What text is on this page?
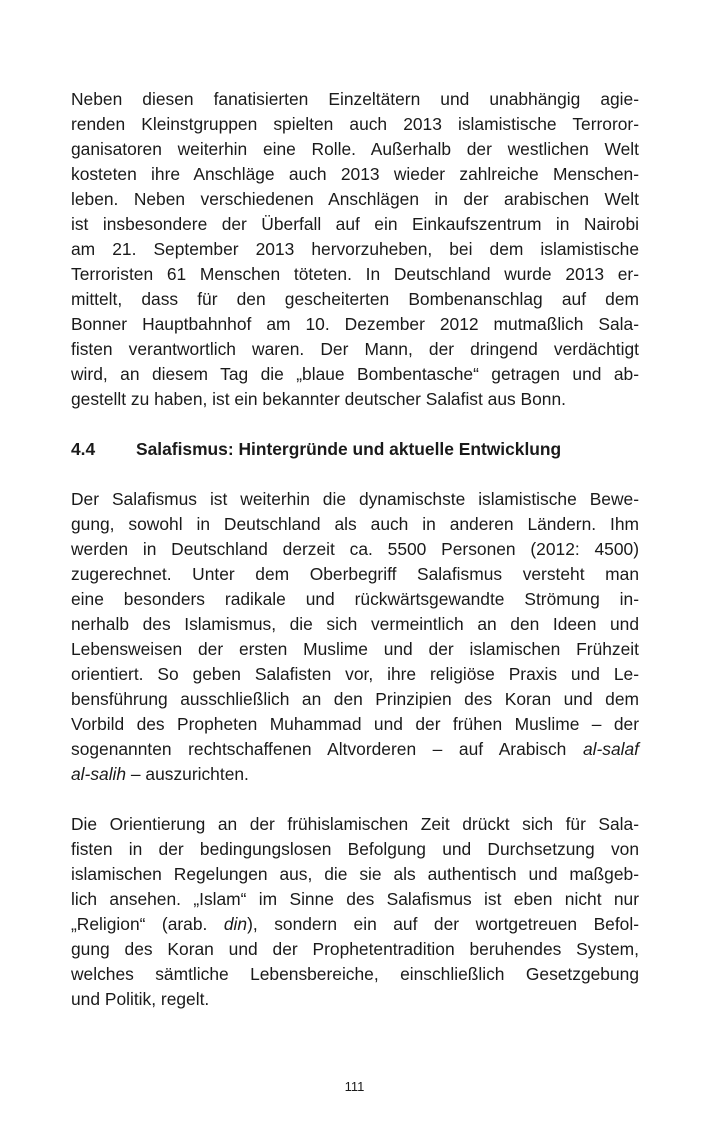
Neben diesen fanatisierten Einzeltätern und unabhängig agie-
renden Kleinstgruppen spielten auch 2013 islamistische Terroror-
ganisatoren weiterhin eine Rolle. Außerhalb der westlichen Welt
kosteten ihre Anschläge auch 2013 wieder zahlreiche Menschen-
leben. Neben verschiedenen Anschlägen in der arabischen Welt
ist insbesondere der Überfall auf ein Einkaufszentrum in Nairobi
am 21. September 2013 hervorzuheben, bei dem islamistische
Terroristen 61 Menschen töteten. In Deutschland wurde 2013 er-
mittelt, dass für den gescheiterten Bombenanschlag auf dem
Bonner Hauptbahnhof am 10. Dezember 2012 mutmaßlich Sala-
fisten verantwortlich waren. Der Mann, der dringend verdächtigt
wird, an diesem Tag die „blaue Bombentasche“ getragen und ab-
gestellt zu haben, ist ein bekannter deutscher Salafist aus Bonn.
4.4	Salafismus: Hintergründe und aktuelle Entwicklung
Der Salafismus ist weiterhin die dynamischste islamistische Bewe-
gung, sowohl in Deutschland als auch in anderen Ländern. Ihm
werden in Deutschland derzeit ca. 5500 Personen (2012: 4500)
zugerechnet. Unter dem Oberbegriff Salafismus versteht man
eine besonders radikale und rückwärtsgewandte Strömung in-
nerhalb des Islamismus, die sich vermeintlich an den Ideen und
Lebensweisen der ersten Muslime und der islamischen Frühzeit
orientiert. So geben Salafisten vor, ihre religiöse Praxis und Le-
bensführung ausschließlich an den Prinzipien des Koran und dem
Vorbild des Propheten Muhammad und der frühen Muslime – der
sogenannten rechtschaffenen Altvorderen – auf Arabisch al-salaf
al-salih – auszurichten.
Die Orientierung an der frühislamischen Zeit drückt sich für Sala-
fisten in der bedingungslosen Befolgung und Durchsetzung von
islamischen Regelungen aus, die sie als authentisch und maßgeb-
lich ansehen. „Islam“ im Sinne des Salafismus ist eben nicht nur
„Religion“ (arab. din), sondern ein auf der wortgetreuen Befol-
gung des Koran und der Prophetentradition beruhendes System,
welches sämtliche Lebensbereiche, einschließlich Gesetzgebung
und Politik, regelt.
111
